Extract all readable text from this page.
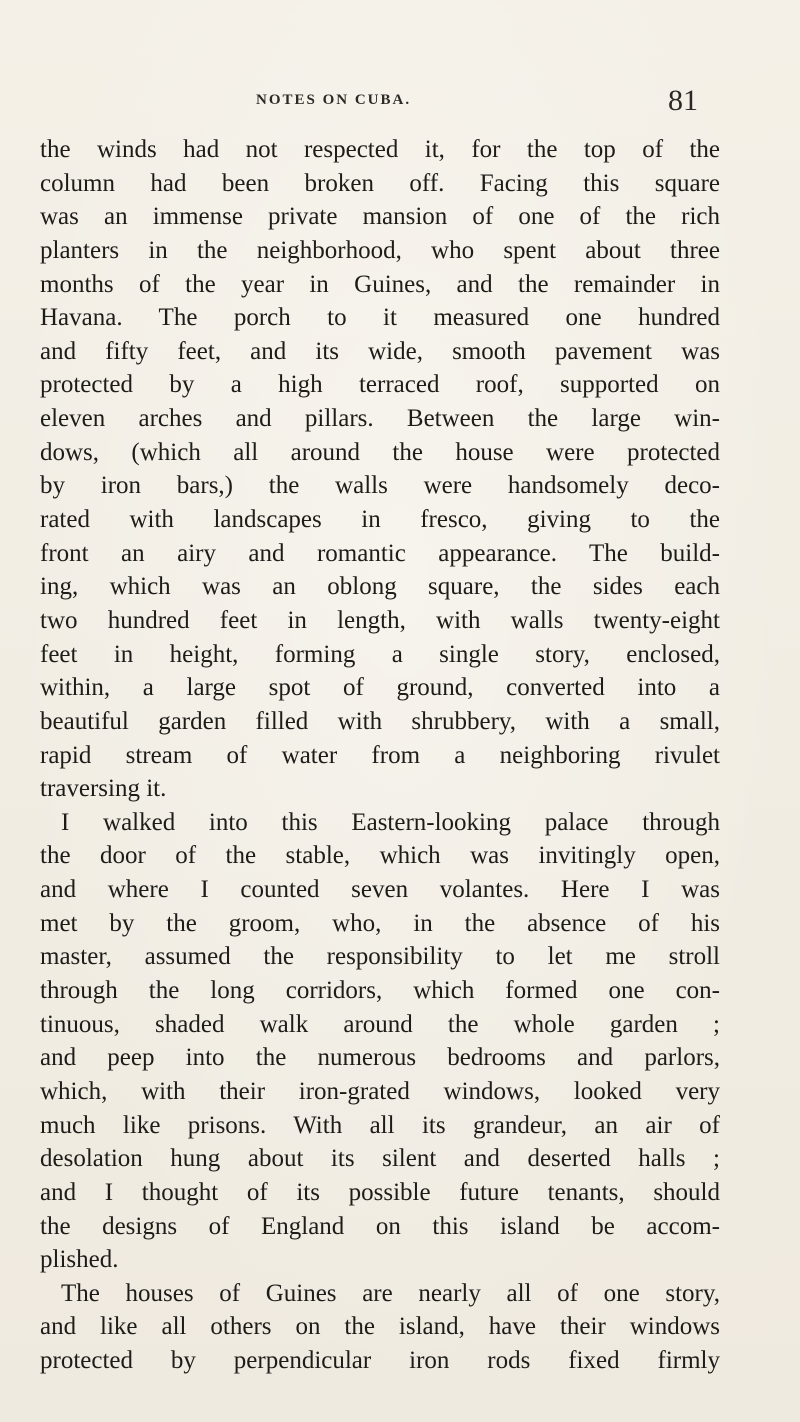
NOTES ON CUBA.	81
the winds had not respected it, for the top of the
column had been broken off. Facing this square
was an immense private mansion of one of the rich
planters in the neighborhood, who spent about three
months of the year in Guines, and the remainder in
Havana. The porch to it measured one hundred
and fifty feet, and its wide, smooth pavement was
protected by a high terraced roof, supported on
eleven arches and pillars. Between the large win-
dows, (which all around the house were protected
by iron bars,) the walls were handsomely deco-
rated with landscapes in fresco, giving to the
front an airy and romantic appearance. The build-
ing, which was an oblong square, the sides each
two hundred feet in length, with walls twenty-eight
feet in height, forming a single story, enclosed,
within, a large spot of ground, converted into a
beautiful garden filled with shrubbery, with a small,
rapid stream of water from a neighboring rivulet
traversing it.
I walked into this Eastern-looking palace through
the door of the stable, which was invitingly open,
and where I counted seven volantes. Here I was
met by the groom, who, in the absence of his
master, assumed the responsibility to let me stroll
through the long corridors, which formed one con-
tinuous, shaded walk around the whole garden ;
and peep into the numerous bedrooms and parlors,
which, with their iron-grated windows, looked very
much like prisons. With all its grandeur, an air of
desolation hung about its silent and deserted halls ;
and I thought of its possible future tenants, should
the designs of England on this island be accom-
plished.
The houses of Guines are nearly all of one story,
and like all others on the island, have their windows
protected by perpendicular iron rods fixed firmly
